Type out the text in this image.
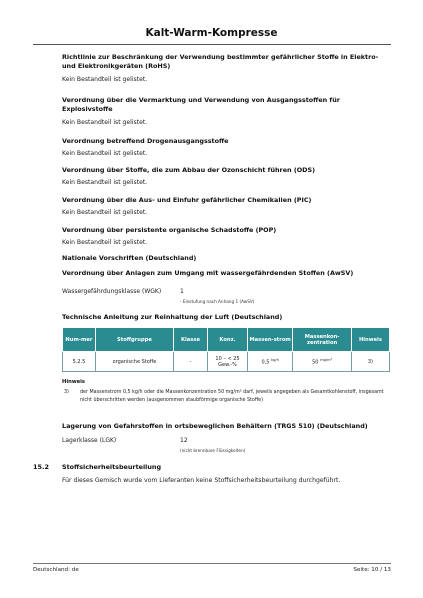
Kalt-Warm-Kompresse
Richtlinie zur Beschränkung der Verwendung bestimmter gefährlicher Stoffe in Elektro- und Elektronikgeräten (RoHS)
Kein Bestandteil ist gelistet.
Verordnung über die Vermarktung und Verwendung von Ausgangsstoffen für Explosivstoffe
Kein Bestandteil ist gelistet.
Verordnung betreffend Drogenausgangsstoffe
Kein Bestandteil ist gelistet.
Verordnung über Stoffe, die zum Abbau der Ozonschicht führen (ODS)
Kein Bestandteil ist gelistet.
Verordnung über die Aus- und Einfuhr gefährlicher Chemikalien (PIC)
Kein Bestandteil ist gelistet.
Verordnung über persistente organische Schadstoffe (POP)
Kein Bestandteil ist gelistet.
Nationale Vorschriften (Deutschland)
Verordnung über Anlagen zum Umgang mit wassergefährdenden Stoffen (AwSV)
Wassergefährdungsklasse (WGK)	1
- Einstufung nach Anhang 1 (AwSV)
Technische Anleitung zur Reinhaltung der Luft (Deutschland)
Num-mer	Stoffgruppe	Klasse	Konz.	Massen-strom	Massenkon-zentration	Hinweis
5.2.5	organische Stoffe	-	10 – < 25 Gew.-%	0,5 $^{kg/h}$	50 $^{mg/m^3}$	3)
Hinweis
3) der Massenstrom 0,5 kg/h oder die Massenkonzentration 50 mg/m³ darf, jeweils angegeben als Gesamtkohlenstoff, insgesamt nicht überschritten werden (ausgenommen staubförmige organische Stoffe)
Lagerung von Gefahrstoffen in ortsbeweglichen Behältern (TRGS 510) (Deutschland)
Lagerklasse (LGK)	12
(nicht brennbare Flüssigkeiten)
15.2 Stoffsicherheitsbeurteilung
Für dieses Gemisch wurde vom Lieferanten keine Stoffsicherheitsbeurteilung durchgeführt.
Deutschland: de	Seite: 10 / 13
